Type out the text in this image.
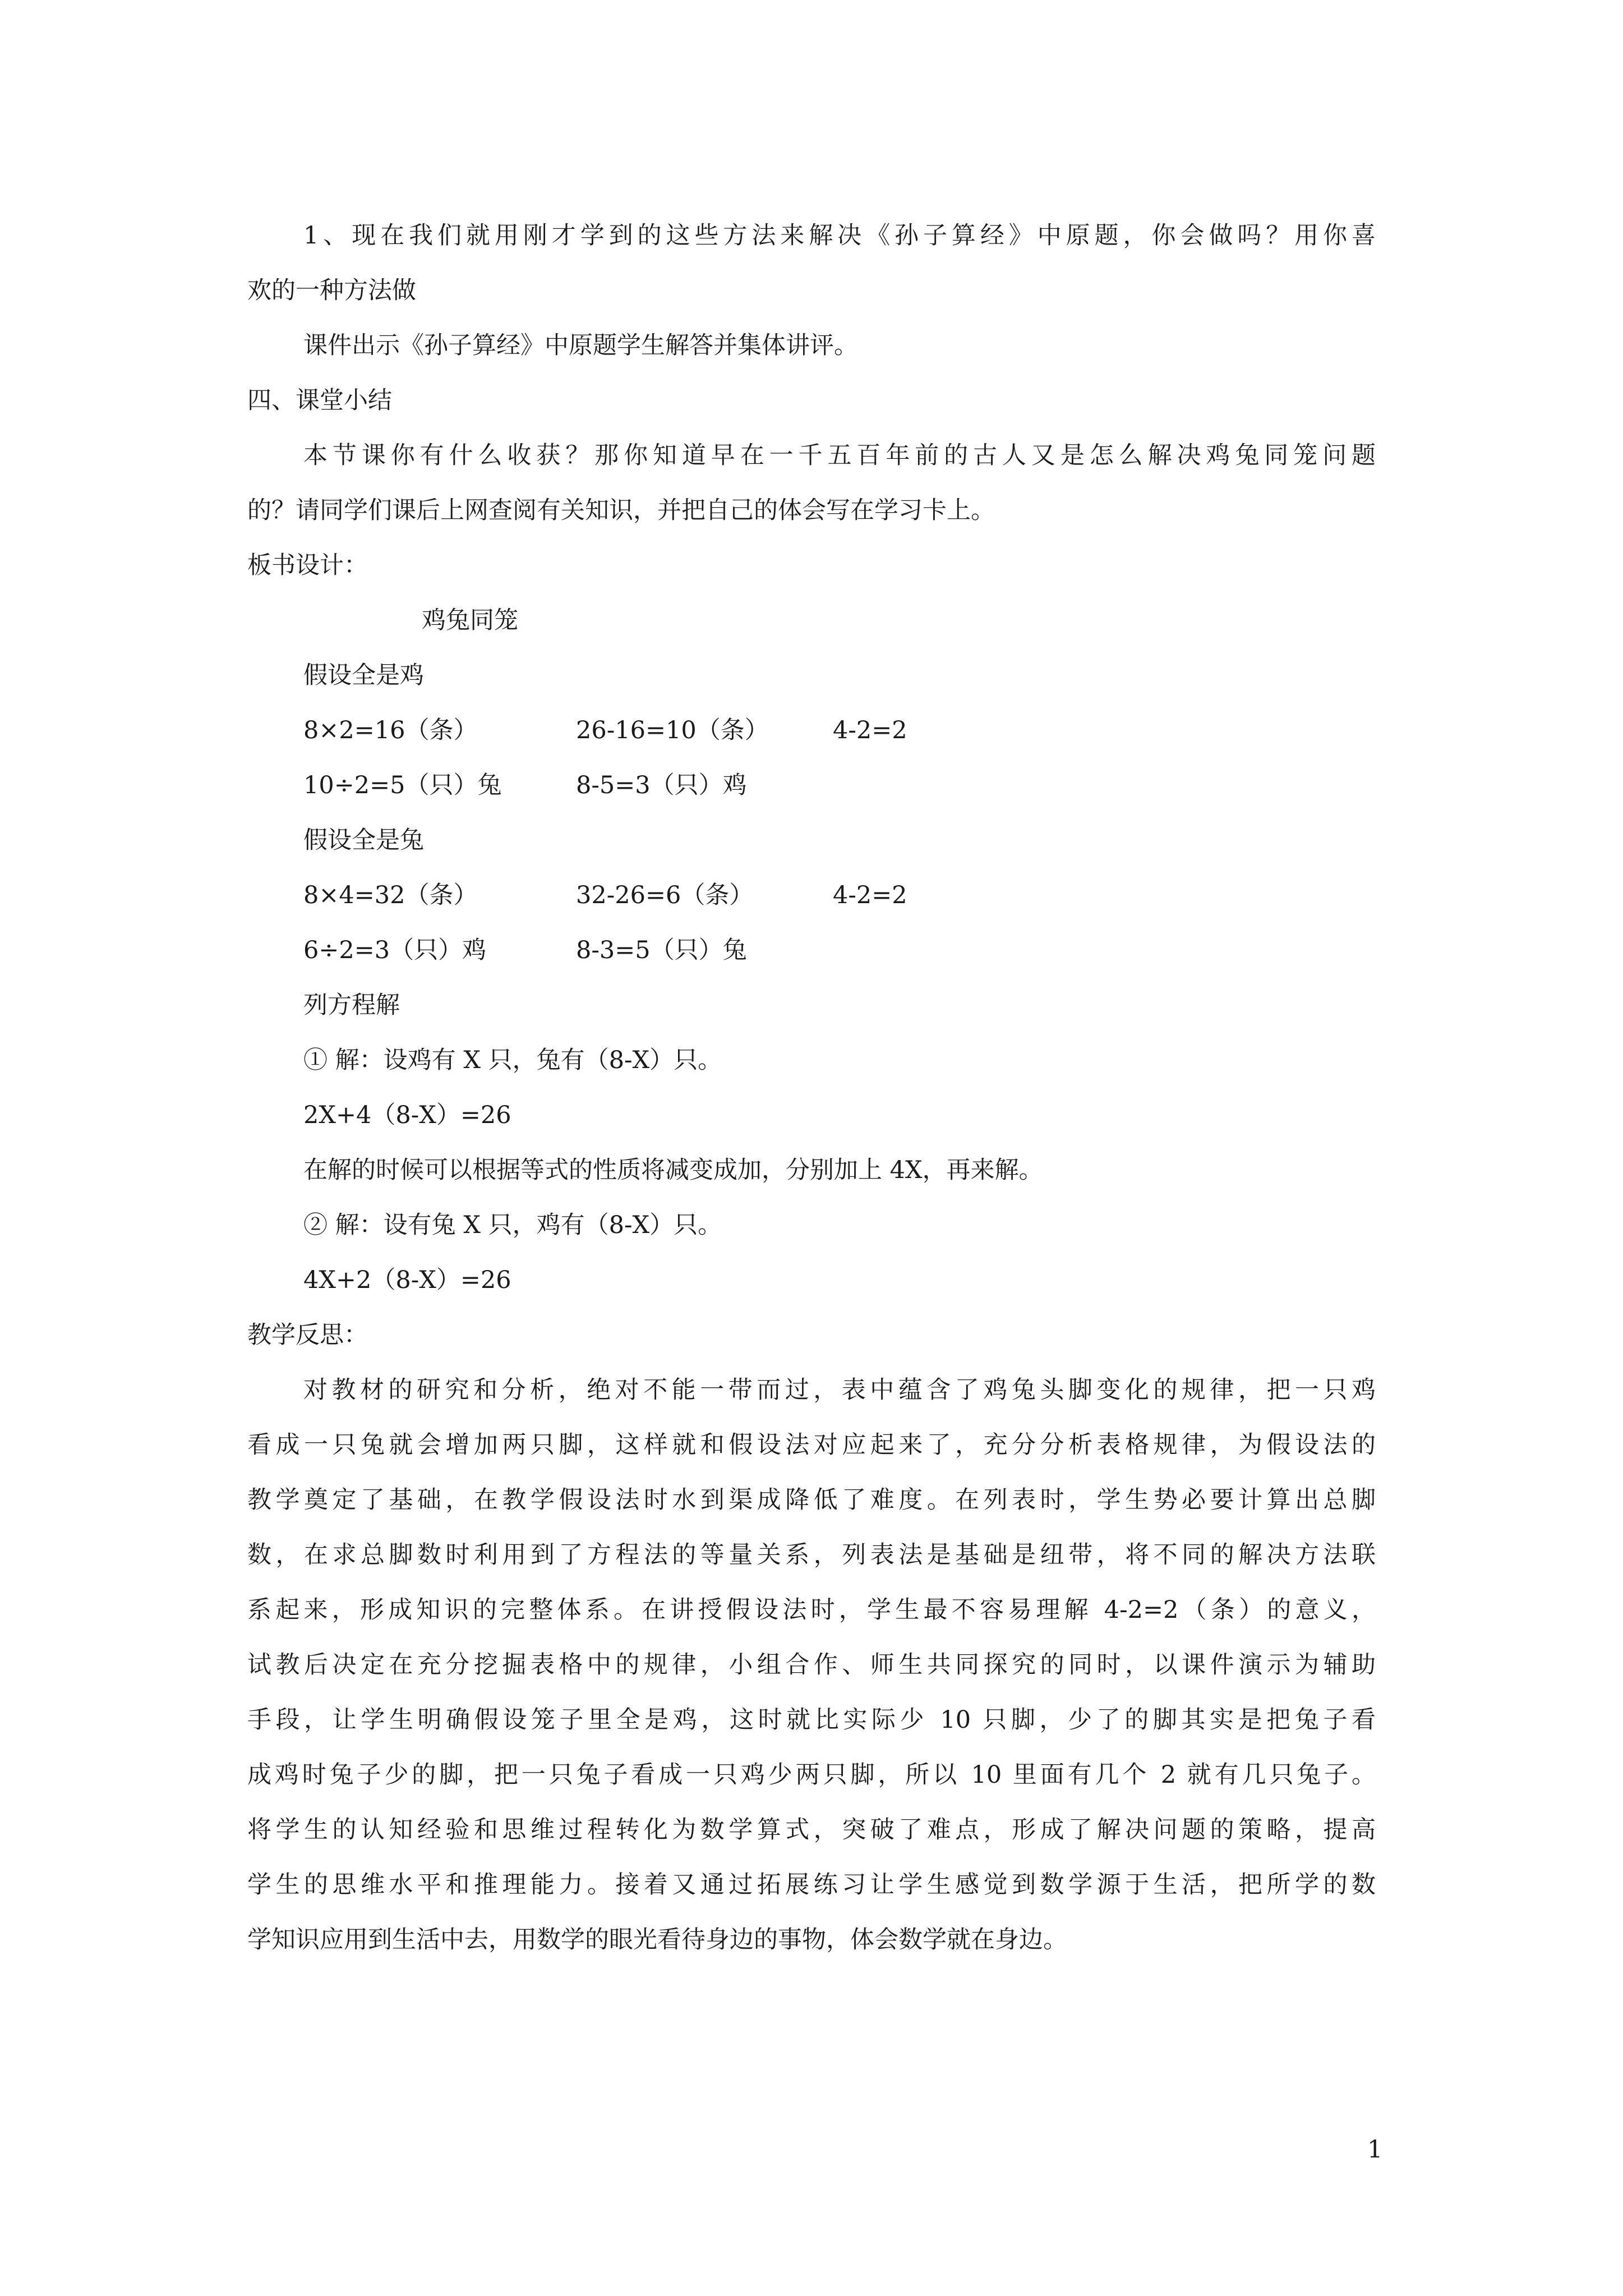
1、现在我们就用刚才学到的这些方法来解决《孙子算经》中原题，你会做吗？用你喜
欢的一种方法做
课件出示《孙子算经》中原题学生解答并集体讲评。
四、课堂小结
本节课你有什么收获？那你知道早在一千五百年前的古人又是怎么解决鸡兔同笼问题
的？请同学们课后上网查阅有关知识，并把自己的体会写在学习卡上。
板书设计：
鸡兔同笼
假设全是鸡
8×2=16（条）	26-16=10（条）	4-2=2
10÷2=5（只）兔	8-5=3（只）鸡
假设全是兔
8×4=32（条）	32-26=6（条）	4-2=2
6÷2=3（只）鸡	8-3=5（只）兔
列方程解
① 解：设鸡有 X 只，兔有（8-X）只。
2X+4（8-X）=26
在解的时候可以根据等式的性质将减变成加，分别加上 4X，再来解。
② 解：设有兔 X 只，鸡有（8-X）只。
4X+2（8-X）=26
教学反思：
对教材的研究和分析，绝对不能一带而过，表中蕴含了鸡兔头脚变化的规律，把一只鸡
看成一只兔就会增加两只脚，这样就和假设法对应起来了，充分分析表格规律，为假设法的
教学奠定了基础，在教学假设法时水到渠成降低了难度。在列表时，学生势必要计算出总脚
数，在求总脚数时利用到了方程法的等量关系，列表法是基础是纽带，将不同的解决方法联
系起来，形成知识的完整体系。在讲授假设法时，学生最不容易理解 4-2=2（条）的意义，
试教后决定在充分挖掘表格中的规律，小组合作、师生共同探究的同时，以课件演示为辅助
手段，让学生明确假设笼子里全是鸡，这时就比实际少 10 只脚，少了的脚其实是把兔子看
成鸡时兔子少的脚，把一只兔子看成一只鸡少两只脚，所以 10 里面有几个 2 就有几只兔子。
将学生的认知经验和思维过程转化为数学算式，突破了难点，形成了解决问题的策略，提高
学生的思维水平和推理能力。接着又通过拓展练习让学生感觉到数学源于生活，把所学的数
学知识应用到生活中去，用数学的眼光看待身边的事物，体会数学就在身边。
1
